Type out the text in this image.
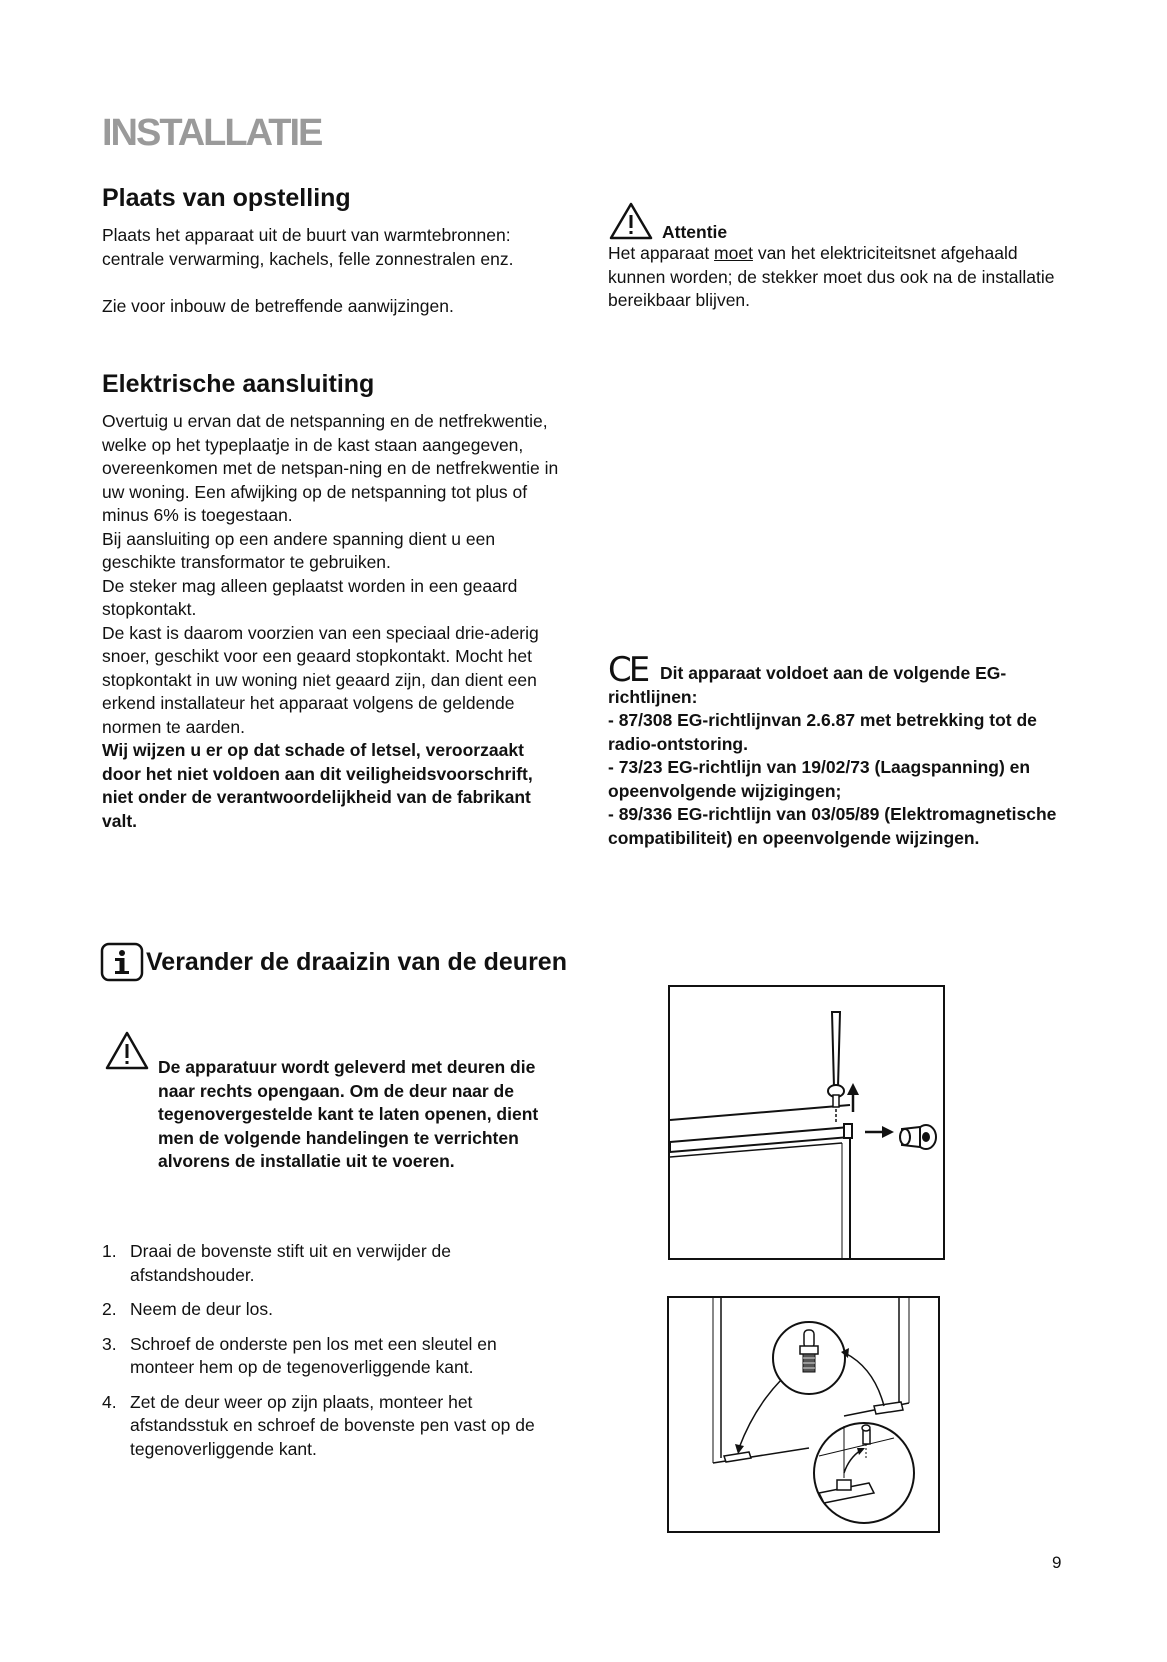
INSTALLATIE
Plaats van opstelling

Plaats het apparaat uit de buurt van warmtebronnen: centrale verwarming, kachels, felle zonnestralen enz.

Zie voor inbouw de betreffende aanwijzingen.

Attentie

Het apparaat moet van het elektriciteitsnet afgehaald kunnen worden; de stekker moet dus ook na de installatie bereikbaar blijven.

Elektrische aansluiting

Overtuig u ervan dat de netspanning en de netfrekwentie, welke op het typeplaatje in de kast staan aangegeven, overeenkomen met de netspan-ning en de netfrekwentie in uw woning. Een afwijking op de netspanning tot plus of minus 6% is toegestaan.

Bij aansluiting op een andere spanning dient u een geschikte transformator te gebruiken.

De steker mag alleen geplaatst worden in een geaard stopkontakt.

De kast is daarom voorzien van een speciaal drie-aderig snoer, geschikt voor een geaard stopkontakt. Mocht het stopkontakt in uw woning niet geaard zijn, dan dient een erkend installateur het apparaat volgens de geldende normen te aarden.

Wij wijzen u er op dat schade of letsel, veroorzaakt door het niet voldoen aan dit veiligheidsvoorschrift, niet onder de verantwoordelijkheid van de fabrikant valt.

CE Dit apparaat voldoet aan de volgende EG-richtlijnen:

- 87/308 EG-richtlijnvan 2.6.87 met betrekking tot de radio-ontstoring.

- 73/23 EG-richtlijn van 19/02/73 (Laagspanning) en opeenvolgende wijzigingen;

- 89/336 EG-richtlijn van 03/05/89 (Elektromagnetische compatibiliteit) en opeenvolgende wijzingen.

Verander de draaizin van de deuren

De apparatuur wordt geleverd met deuren die naar rechts opengaan. Om de deur naar de tegenovergestelde kant te laten openen, dient men de volgende handelingen te verrichten alvorens de installatie uit te voeren.

1. Draai de bovenste stift uit en verwijder de afstandshouder.
2. Neem de deur los.
3. Schroef de onderste pen los met een sleutel en monteer hem op de tegenoverliggende kant.
4. Zet de deur weer op zijn plaats, monteer het afstandsstuk en schroef de bovenste pen vast op de tegenoverliggende kant.
9
